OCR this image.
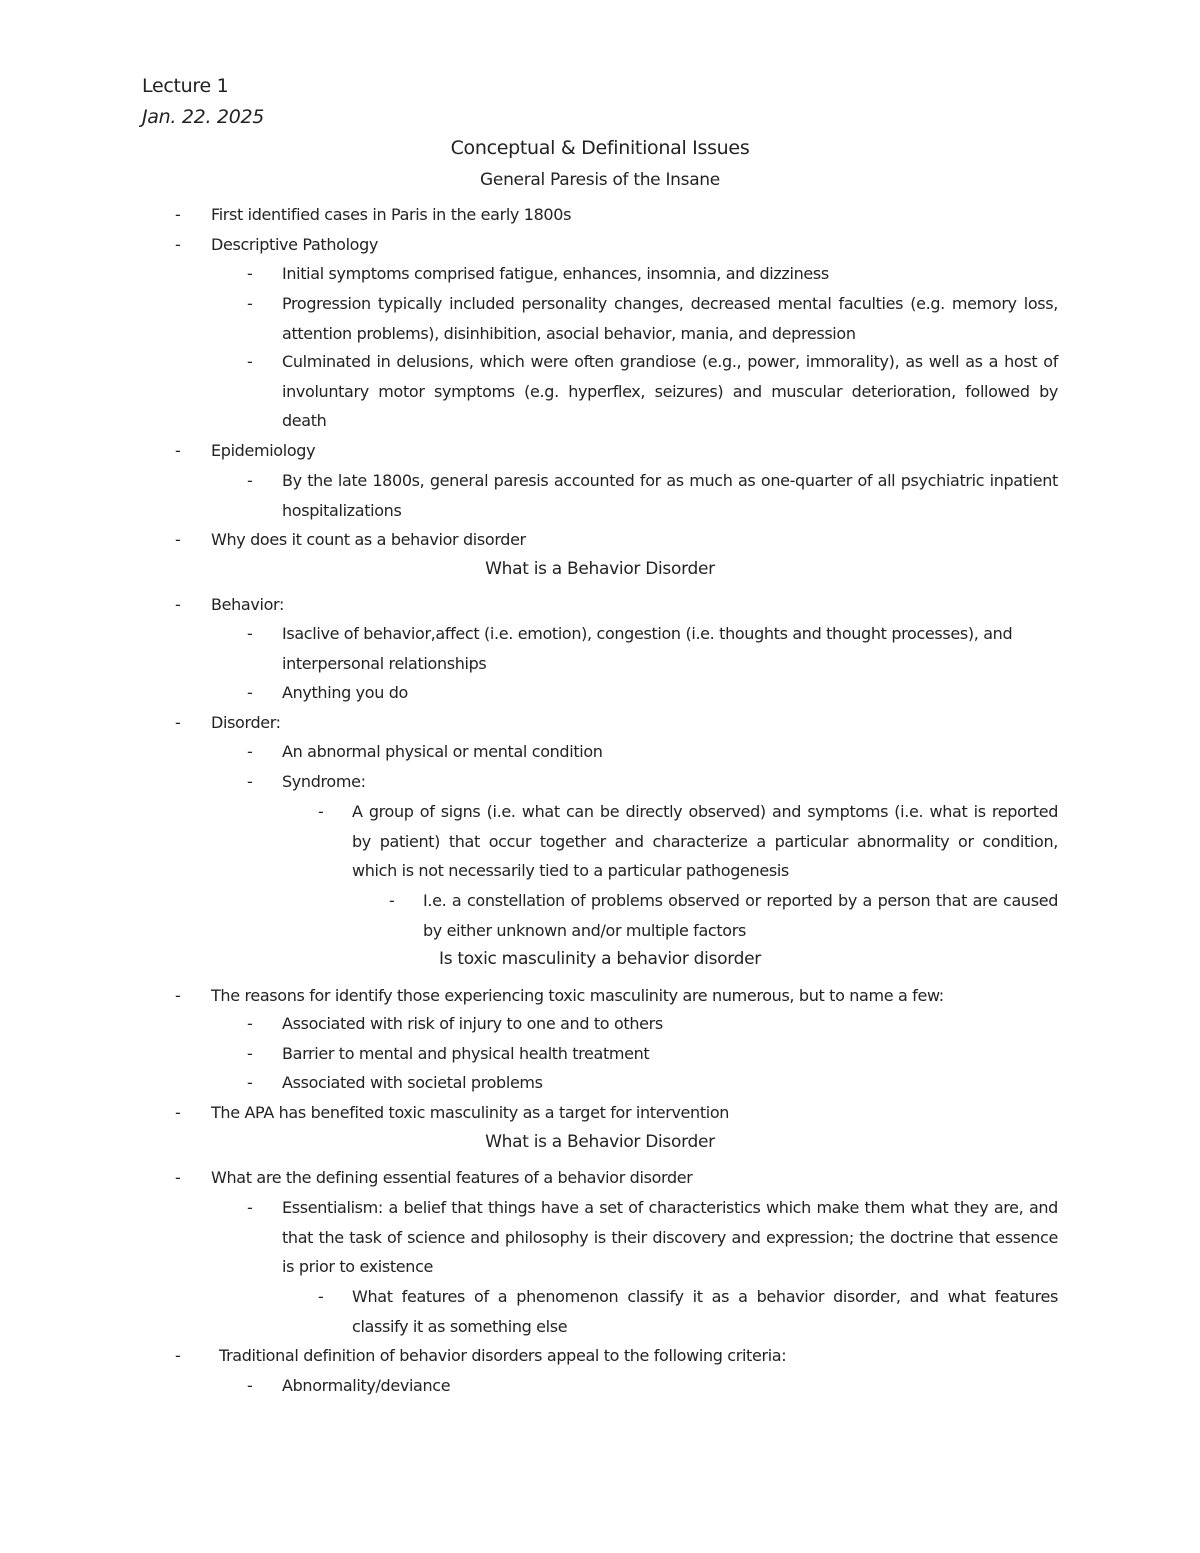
Lecture 1
Jan. 22. 2025
Conceptual & Definitional Issues
General Paresis of the Insane
- First identified cases in Paris in the early 1800s
- Descriptive Pathology
- Initial symptoms comprised fatigue, enhances, insomnia, and dizziness
- Progression typically included personality changes, decreased mental faculties (e.g. memory loss, attention problems), disinhibition, asocial behavior, mania, and depression
- Culminated in delusions, which were often grandiose (e.g., power, immorality), as well as a host of involuntary motor symptoms (e.g. hyperflex, seizures) and muscular deterioration, followed by death
- Epidemiology
- By the late 1800s, general paresis accounted for as much as one-quarter of all psychiatric inpatient hospitalizations
- Why does it count as a behavior disorder
What is a Behavior Disorder
- Behavior:
- Isaclive of behavior,affect (i.e. emotion), congestion (i.e. thoughts and thought processes), and interpersonal relationships
- Anything you do
- Disorder:
- An abnormal physical or mental condition
- Syndrome:
- A group of signs (i.e. what can be directly observed) and symptoms (i.e. what is reported by patient) that occur together and characterize a particular abnormality or condition, which is not necessarily tied to a particular pathogenesis
- I.e. a constellation of problems observed or reported by a person that are caused by either unknown and/or multiple factors
Is toxic masculinity a behavior disorder
- The reasons for identify those experiencing toxic masculinity are numerous, but to name a few:
- Associated with risk of injury to one and to others
- Barrier to mental and physical health treatment
- Associated with societal problems
- The APA has benefited toxic masculinity as a target for intervention
What is a Behavior Disorder
- What are the defining essential features of a behavior disorder
- Essentialism: a belief that things have a set of characteristics which make them what they are, and that the task of science and philosophy is their discovery and expression; the doctrine that essence is prior to existence
- What features of a phenomenon classify it as a behavior disorder, and what features classify it as something else
- Traditional definition of behavior disorders appeal to the following criteria:
- Abnormality/deviance
